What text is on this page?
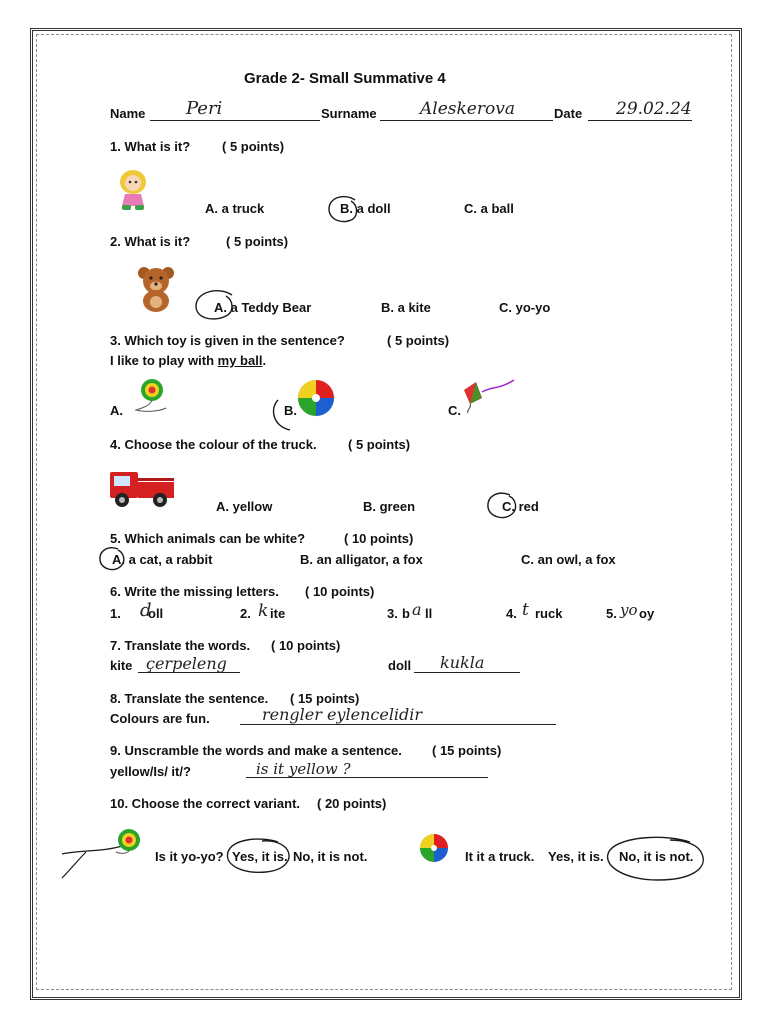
Grade 2- Small Summative 4
Name Peri	Surname	Aleskerova	Date 29.02.24
1. What is it? ( 5 points)
A. a truck	B. a doll	C. a ball
2. What is it?	( 5 points)
A. a Teddy Bear	B. a kite	C. yo-yo
3. Which toy is given in the sentence?	( 5 points)
I like to play with my ball.
A.	B.	C.
4. Choose the colour of the truck. ( 5 points)
A. yellow	B. green	C. red
5. Which animals can be white?	( 10 points)
A. a cat, a rabbit	B. an alligator, a fox	C. an owl, a fox
6. Write the missing letters. ( 10 points)
1. d
oll	2. k ite	3. b a ll	4. t ruck	5. yo oy
7. Translate the words. ( 10 points)
kite çerpeleng	doll kukla
8. Translate the sentence. ( 15 points)
Colours are fun.	rengler eylencelidir
9. Unscramble the words and make a sentence. ( 15 points)
yellow/Is/ it/?	is it yellow ?
10. Choose the correct variant. ( 20 points)
Is it yo-yo? Yes, it is. No, it is not.	It it a truck. Yes, it is. No, it is not.
